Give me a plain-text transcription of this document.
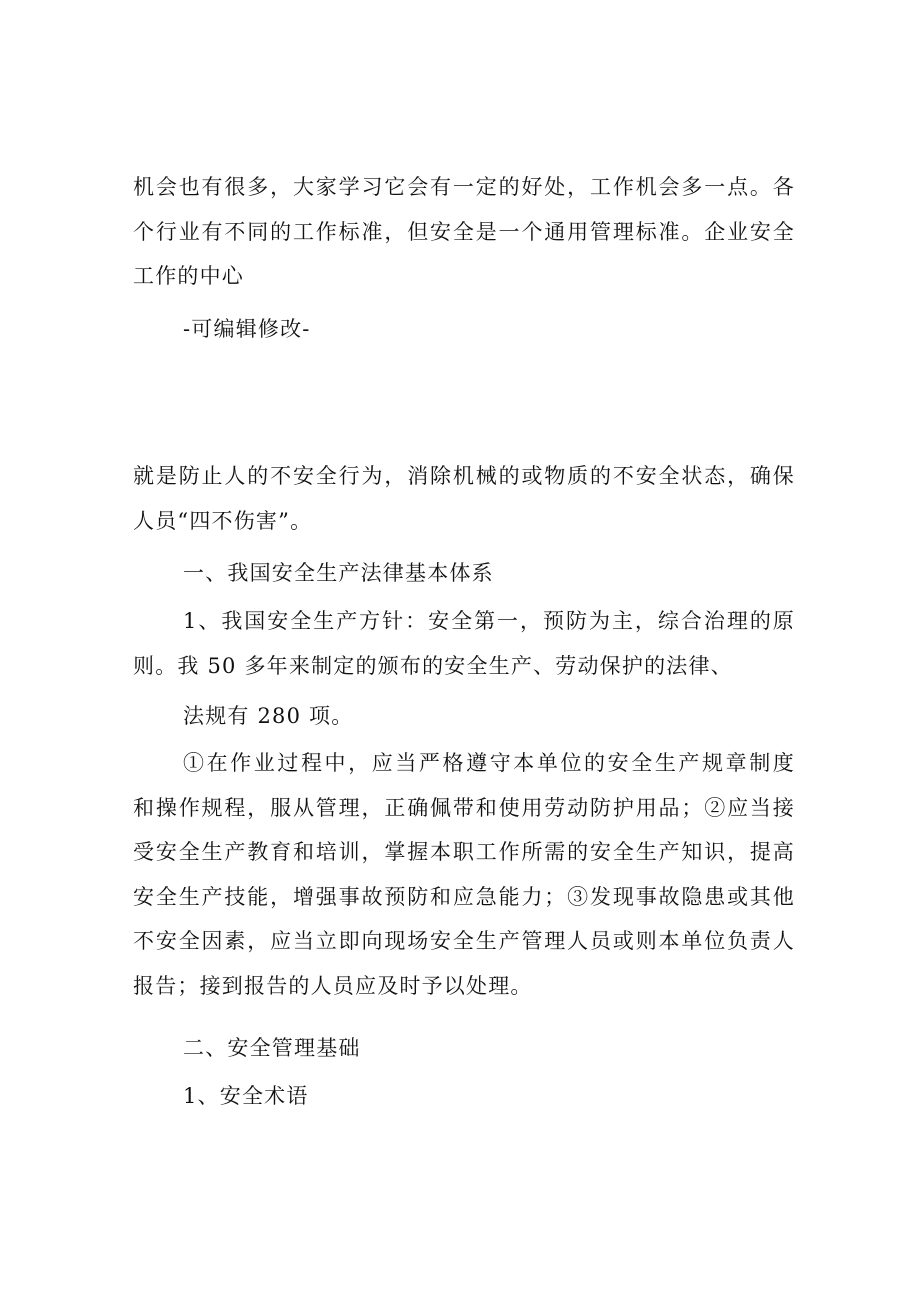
机会也有很多，大家学习它会有一定的好处，工作机会多一点。各
个行业有不同的工作标准，但安全是一个通用管理标准。企业安全
工作的中心
-可编辑修改-
就是防止人的不安全行为，消除机械的或物质的不安全状态，确保
人员“四不伤害”。
一、我国安全生产法律基本体系
1、我国安全生产方针：安全第一，预防为主，综合治理的原
则。我 50 多年来制定的颁布的安全生产、劳动保护的法律、
法规有 280 项。
①在作业过程中，应当严格遵守本单位的安全生产规章制度
和操作规程，服从管理，正确佩带和使用劳动防护用品；②应当接
受安全生产教育和培训，掌握本职工作所需的安全生产知识，提高
安全生产技能，增强事故预防和应急能力；③发现事故隐患或其他
不安全因素，应当立即向现场安全生产管理人员或则本单位负责人
报告；接到报告的人员应及时予以处理。
二、安全管理基础
1、安全术语
